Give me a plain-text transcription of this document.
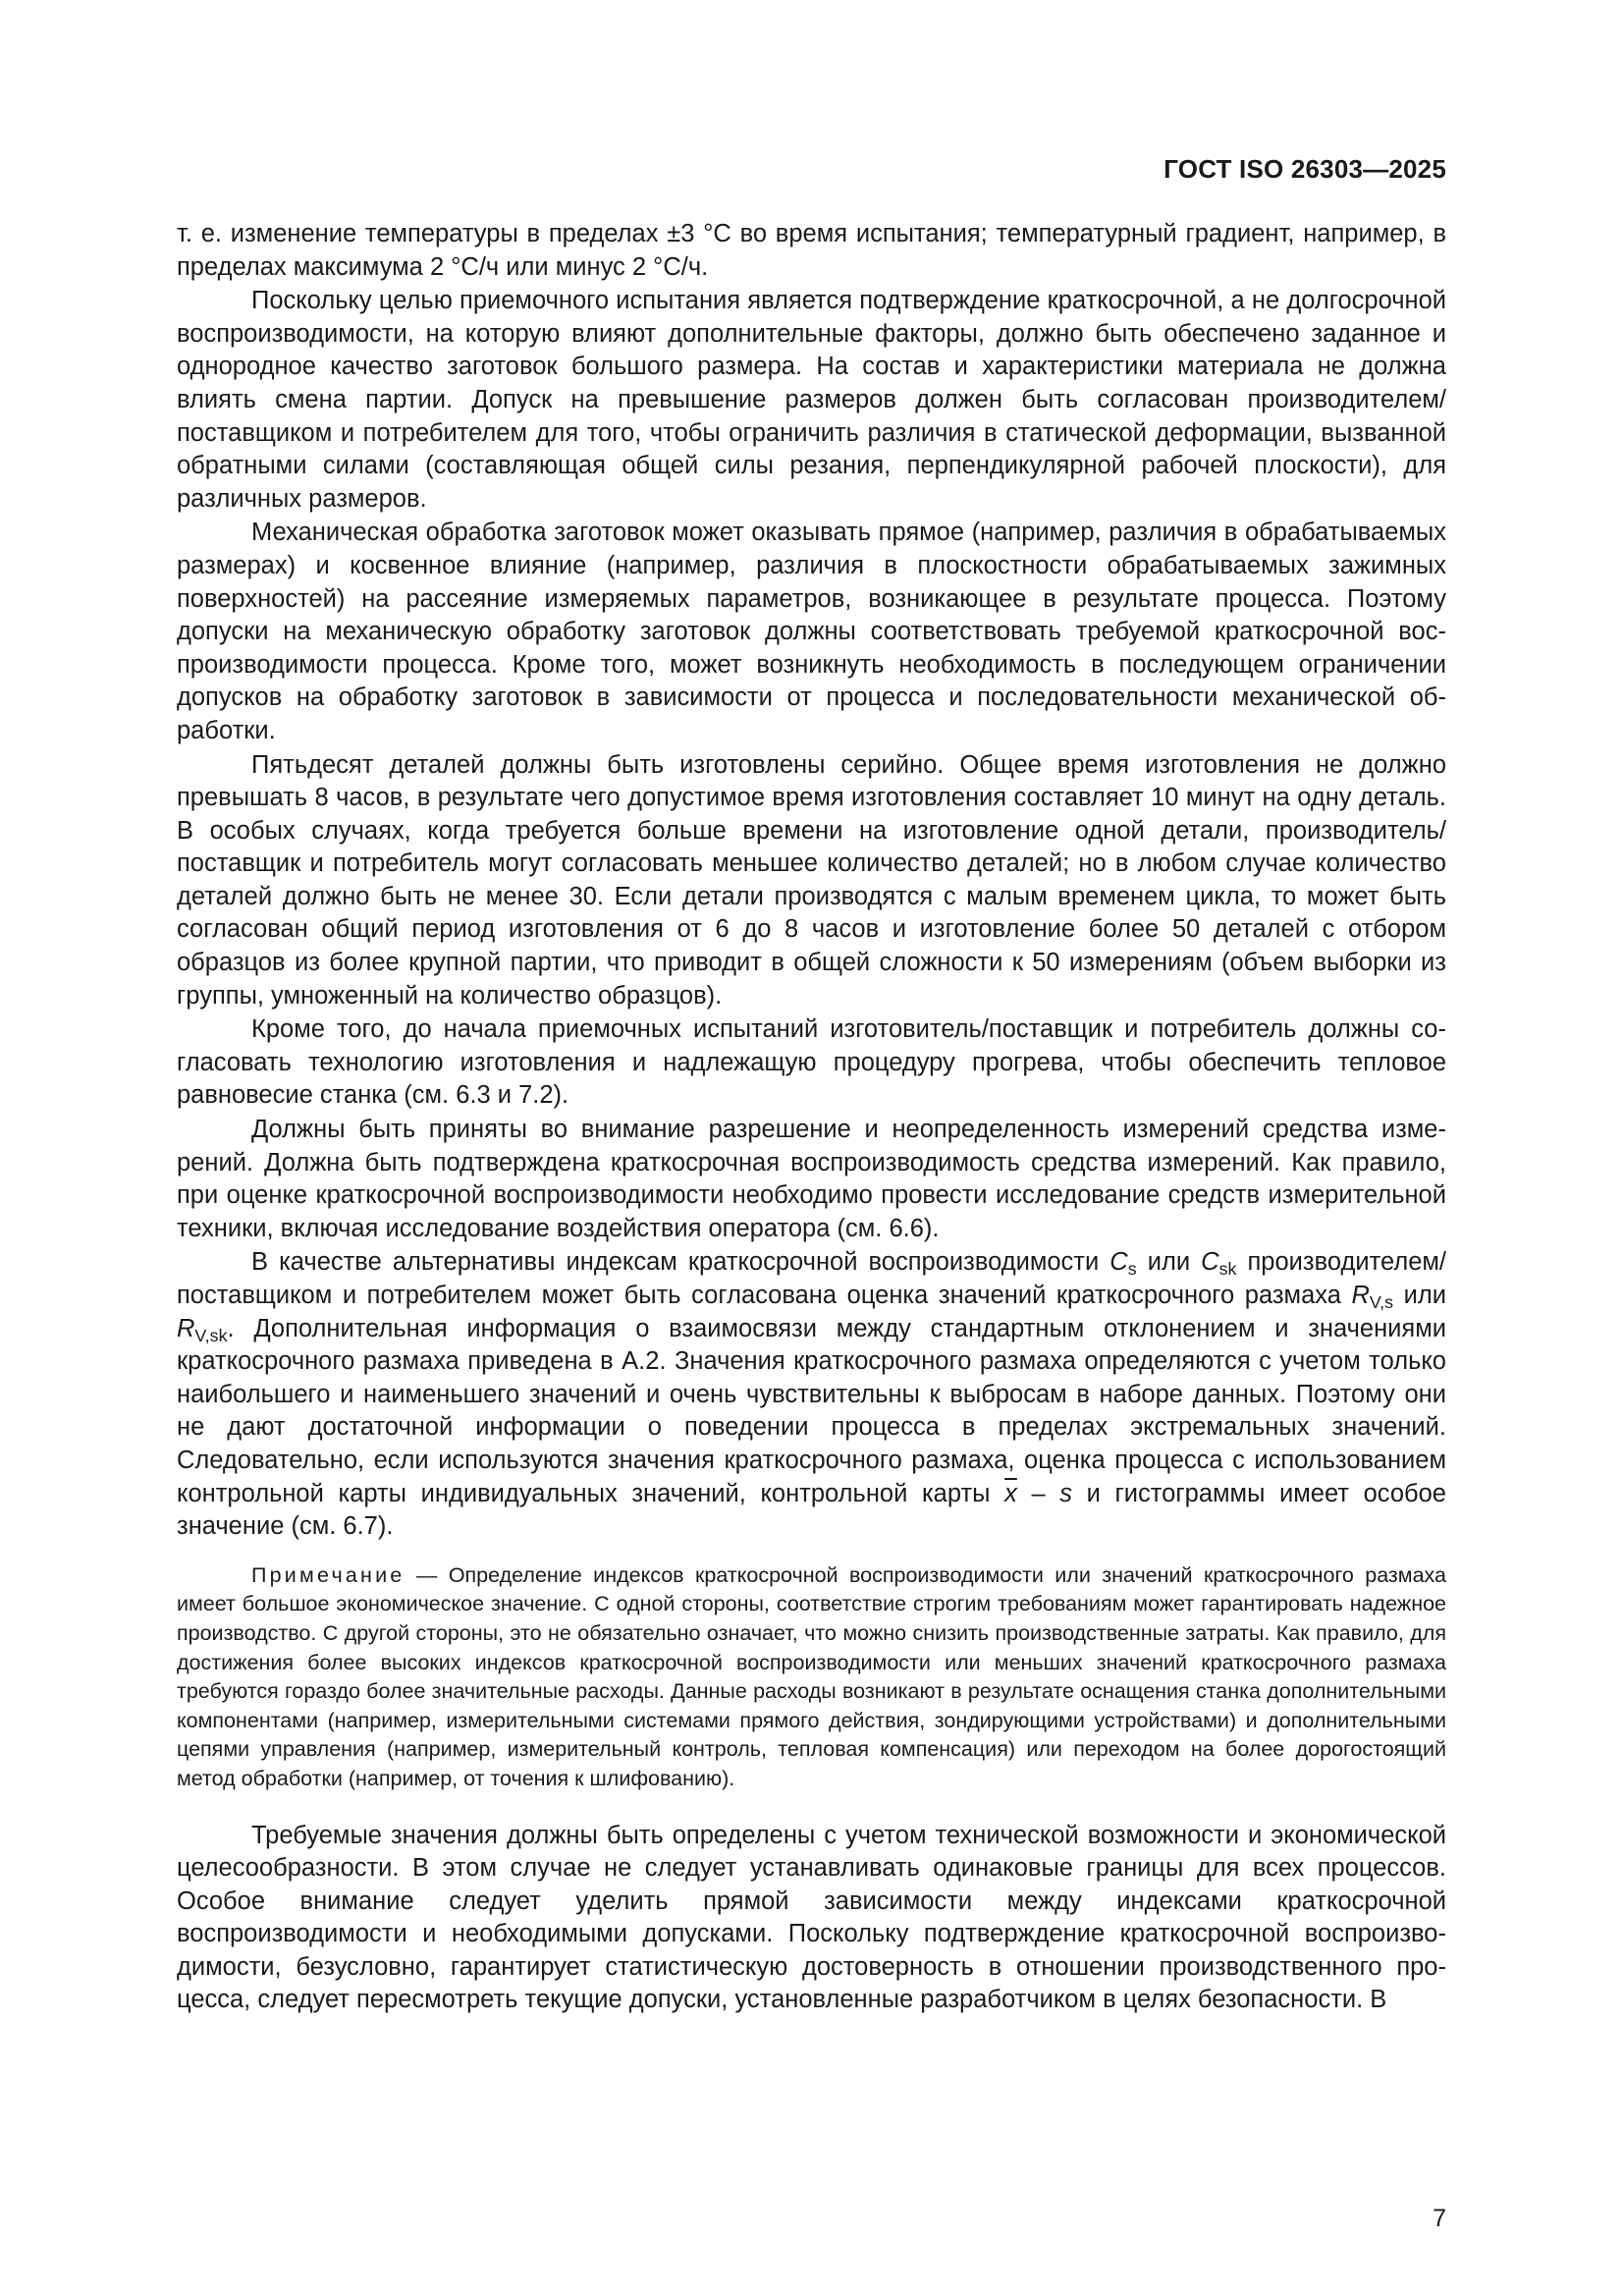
ГОСТ ISO 26303—2025

т. е. изменение температуры в пределах ±3 °С во время испытания; температурный градиент, например, в пределах максимума 2 °С/ч или минус 2 °С/ч.

Поскольку целью приемочного испытания является подтверждение краткосрочной, а не долгосрочной воспроизводимости, на которую влияют дополнительные факторы, должно быть обеспечено заданное и однородное качество заготовок большого размера. На состав и характеристики материала не должна влиять смена партии. Допуск на превышение размеров должен быть согласован производителем/поставщиком и потребителем для того, чтобы ограничить различия в статической деформации, вызванной обратными силами (составляющая общей силы резания, перпендикулярной рабочей плоскости), для различных размеров.

Механическая обработка заготовок может оказывать прямое (например, различия в обрабатываемых размерах) и косвенное влияние (например, различия в плоскостности обрабатываемых зажимных поверхностей) на рассеяние измеряемых параметров, возникающее в результате процесса. Поэтому допуски на механическую обработку заготовок должны соответствовать требуемой краткосрочной воспроизводимости процесса. Кроме того, может возникнуть необходимость в последующем ограничении допусков на обработку заготовок в зависимости от процесса и последовательности механической обработки.

Пятьдесят деталей должны быть изготовлены серийно. Общее время изготовления не должно превышать 8 часов, в результате чего допустимое время изготовления составляет 10 минут на одну деталь. В особых случаях, когда требуется больше времени на изготовление одной детали, производитель/поставщик и потребитель могут согласовать меньшее количество деталей; но в любом случае количество деталей должно быть не менее 30. Если детали производятся с малым временем цикла, то может быть согласован общий период изготовления от 6 до 8 часов и изготовление более 50 деталей с отбором образцов из более крупной партии, что приводит в общей сложности к 50 измерениям (объем выборки из группы, умноженный на количество образцов).

Кроме того, до начала приемочных испытаний изготовитель/поставщик и потребитель должны согласовать технологию изготовления и надлежащую процедуру прогрева, чтобы обеспечить тепловое равновесие станка (см. 6.3 и 7.2).

Должны быть приняты во внимание разрешение и неопределенность измерений средства измерений. Должна быть подтверждена краткосрочная воспроизводимость средства измерений. Как правило, при оценке краткосрочной воспроизводимости необходимо провести исследование средств измерительной техники, включая исследование воздействия оператора (см. 6.6).

В качестве альтернативы индексам краткосрочной воспроизводимости $C_s$ или $C_{sk}$ производителем/поставщиком и потребителем может быть согласована оценка значений краткосрочного размаха $R_{V,s}$ или $R_{V,sk}$. Дополнительная информация о взаимосвязи между стандартным отклонением и значениями краткосрочного размаха приведена в А.2. Значения краткосрочного размаха определяются с учетом только наибольшего и наименьшего значений и очень чувствительны к выбросам в наборе данных. Поэтому они не дают достаточной информации о поведении процесса в пределах экстремальных значений. Следовательно, если используются значения краткосрочного размаха, оценка процесса с использованием контрольной карты индивидуальных значений, контрольной карты $\overline{x}$ – s и гистограммы имеет особое значение (см. 6.7).

Примечание — Определение индексов краткосрочной воспроизводимости или значений краткосрочного размаха имеет большое экономическое значение. С одной стороны, соответствие строгим требованиям может гарантировать надежное производство. С другой стороны, это не обязательно означает, что можно снизить производственные затраты. Как правило, для достижения более высоких индексов краткосрочной воспроизводимости или меньших значений краткосрочного размаха требуются гораздо более значительные расходы. Данные расходы возникают в результате оснащения станка дополнительными компонентами (например, измерительными системами прямого действия, зондирующими устройствами) и дополнительными цепями управления (например, измерительный контроль, тепловая компенсация) или переходом на более дорогостоящий метод обработки (например, от точения к шлифованию).

Требуемые значения должны быть определены с учетом технической возможности и экономической целесообразности. В этом случае не следует устанавливать одинаковые границы для всех процессов. Особое внимание следует уделить прямой зависимости между индексами краткосрочной воспроизводимости и необходимыми допусками. Поскольку подтверждение краткосрочной воспроизводимости, безусловно, гарантирует статистическую достоверность в отношении производственного процесса, следует пересмотреть текущие допуски, установленные разработчиком в целях безопасности. В

7
